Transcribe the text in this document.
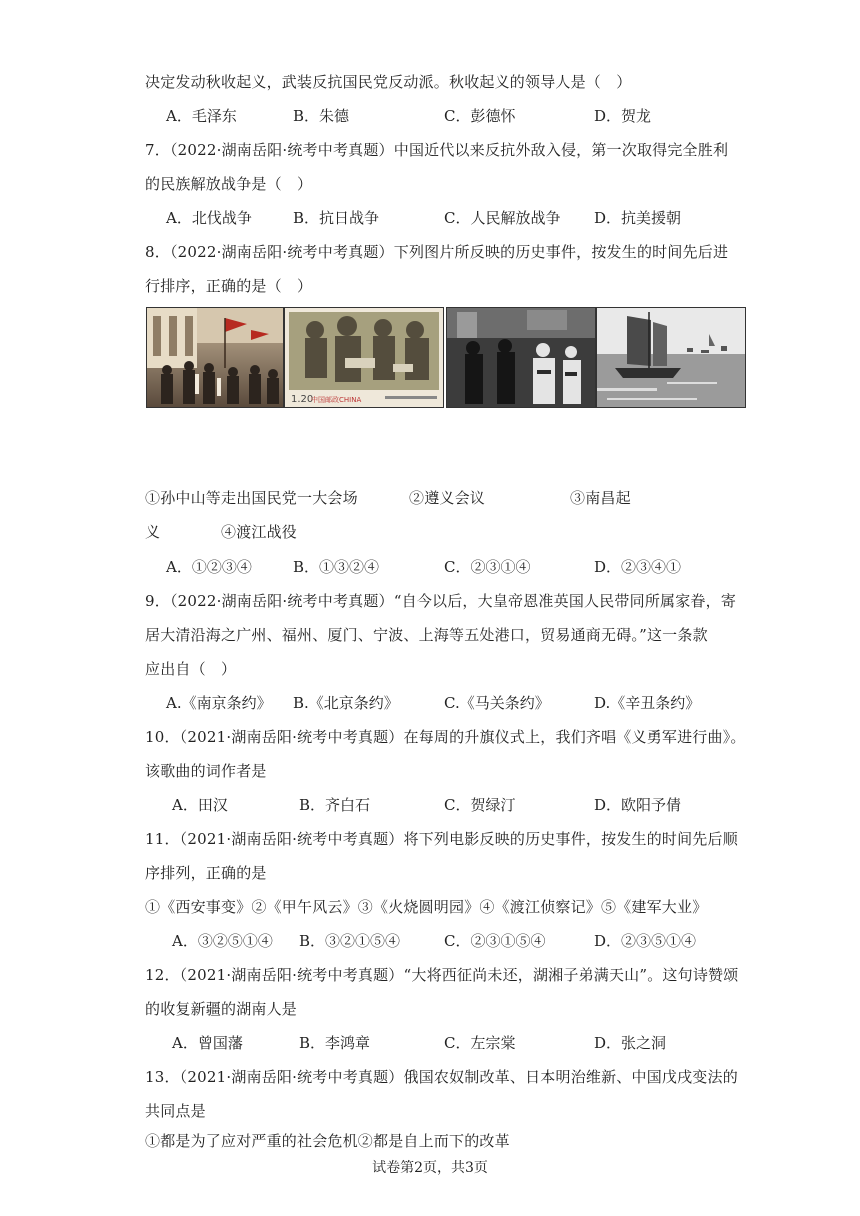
决定发动秋收起义，武装反抗国民党反动派。秋收起义的领导人是（　）
A．毛泽东	B．朱德	C．彭德怀	D．贺龙
7．（2022·湖南岳阳·统考中考真题）中国近代以来反抗外敌入侵，第一次取得完全胜利
的民族解放战争是（　）
A．北伐战争	B．抗日战争	C．人民解放战争 D．抗美援朝
8．（2022·湖南岳阳·统考中考真题）下列图片所反映的历史事件，按发生的时间先后进
行排序，正确的是（　）
1.20
中国邮政CHINA
①孙中山等走出国民党一大会场	②遵义会议	③南昌起
义　　　　④渡江战役
A．①②③④	B．①③②④	C．②③①④	D．②③④①
9．（2022·湖南岳阳·统考中考真题）“自今以后，大皇帝恩准英国人民带同所属家眷，寄
居大清沿海之广州、福州、厦门、宁波、上海等五处港口，贸易通商无碍。”这一条款
应出自（　）
A.《南京条约》 B.《北京条约》	C.《马关条约》	D.《辛丑条约》
10．（2021·湖南岳阳·统考中考真题）在每周的升旗仪式上，我们齐唱《义勇军进行曲》。
该歌曲的词作者是
A．田汉	B．齐白石	C．贺绿汀	D．欧阳予倩
11．（2021·湖南岳阳·统考中考真题）将下列电影反映的历史事件，按发生的时间先后顺
序排列，正确的是
①《西安事变》②《甲午风云》③《火烧圆明园》④《渡江侦察记》⑤《建军大业》
A．③②⑤①④ B．③②①⑤④	C．②③①⑤④	D．②③⑤①④
12．（2021·湖南岳阳·统考中考真题）“大将西征尚未还，湖湘子弟满天山”。这句诗赞颂
的收复新疆的湖南人是
A．曾国藩	B．李鸿章	C．左宗棠	D．张之洞
13．（2021·湖南岳阳·统考中考真题）俄国农奴制改革、日本明治维新、中国戊戌变法的
共同点是
①都是为了应对严重的社会危机②都是自上而下的改革
试卷第2页，共3页
